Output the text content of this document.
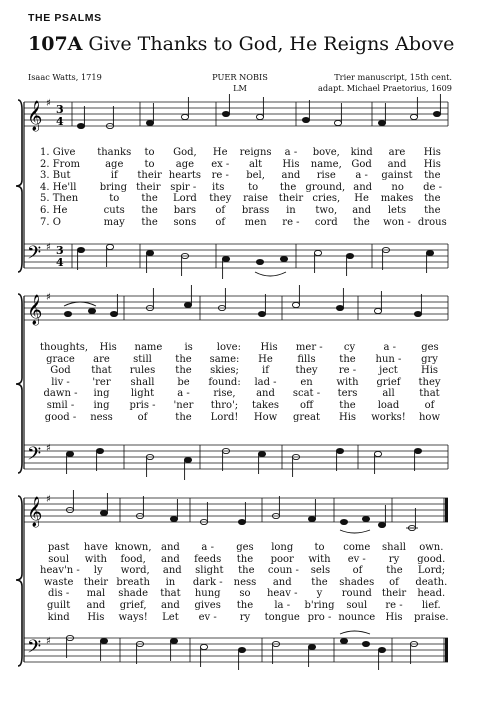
THE PSALMS
107A Give Thanks to God, He Reigns Above
Isaac Watts, 1719	PUER NOBIS
LM
Trier manuscript, 15th cent.
adapt. Michael Praetorius, 1609
𝄞
𝄢
♯
♯
3
4
3
4
1. Give	thanks	to	God,	He	reigns	a -	bove,	kind	are	His
2. From	age	to	age	ex -	alt	His	name, God	and	His
3. But	if	their hearts	re -	bel,	and	rise	a -	gainst	the
4. He'll	bring their spir -	its	to	the ground, and	no	de -
5. Then	to	the	Lord	they	raise	their cries,	He	makes	the
6. He	cuts	the	bars	of	brass	in	two,	and	lets	the
7. O	may	the	sons	of	men	re -	cord	the	won - drous
𝄞
𝄢
♯
♯
thoughts,	His	name	is	love:	His	mer -	cy	a -	ges
grace	are	still	the	same:	He	fills	the	hun -	gry
God	that	rules	the	skies;	if	they	re -	ject	His
liv -	'rer	shall	be	found:	lad -	en	with	grief	they
dawn -	ing	light	a -	rise,	and	scat -	ters	all	that
smil -	ing	pris -	'ner	thro';	takes	off	the	load	of
good -	ness	of	the	Lord!	How	great	His	works!	how
𝄞
𝄢
♯
♯
past	have known, and	a -	ges	long	to	come	shall	own.
soul	with	food,	and	feeds	the	poor	with	ev -	ry	good.
heav'n -	ly	word,	and	slight	the	coun -	sels	of	the	Lord;
waste	their breath	in	dark -	ness	and	the	shades	of	death.
dis -	mal	shade	that	hung	so	heav -	y	round	their	head.
guilt	and	grief,	and	gives	the	la -	b'ring	soul	re -	lief.
kind	His	ways!	Let	ev -	ry	tongue pro - nounce	His	praise.
